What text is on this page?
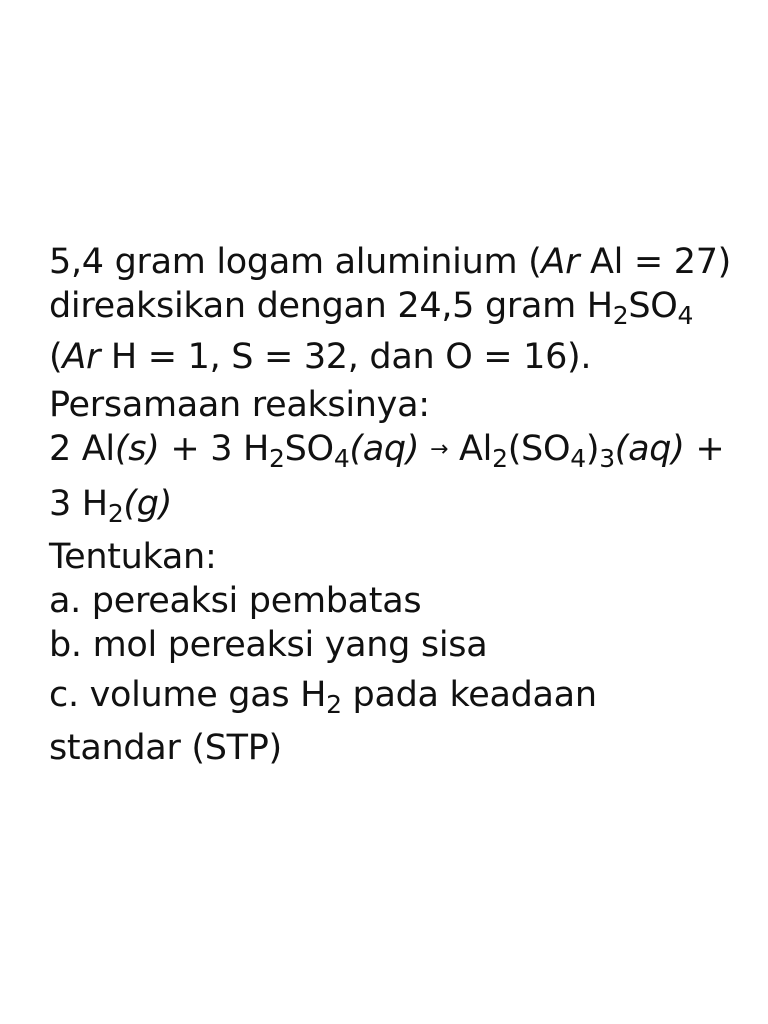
5,4 gram logam aluminium (Ar Al = 27)
direaksikan dengan 24,5 gram $H_2SO_4$
(Ar H = 1, S = 32, dan O = 16).
Persamaan reaksinya:
2 Al(s) + 3 $H_2SO_4(aq) \to Al_2(SO_4)_3(aq)$ +
3 $H_2(g)$
Tentukan:
a. pereaksi pembatas
b. mol pereaksi yang sisa
c. volume gas $H_2$ pada keadaan
standar (STP)
